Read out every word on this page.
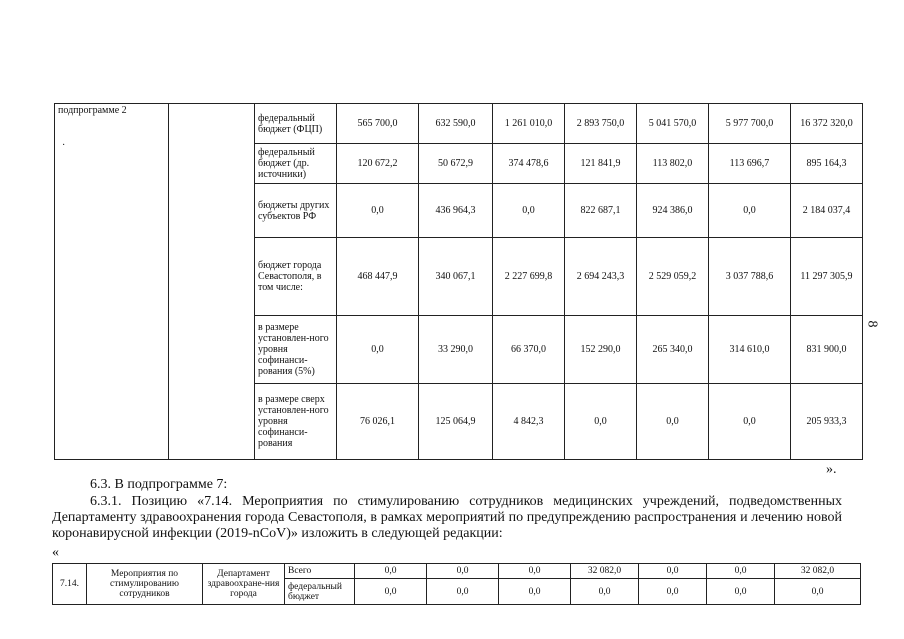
·
подпрограмме 2		федеральный бюджет (ФЦП)	565 700,0	632 590,0	1 261 010,0	2 893 750,0	5 041 570,0	5 977 700,0	16 372 320,0
		федеральный бюджет (др. источники)	120 672,2	50 672,9	374 478,6	121 841,9	113 802,0	113 696,7	895 164,3
		бюджеты других субъектов РФ	0,0	436 964,3	0,0	822 687,1	924 386,0	0,0	2 184 037,4
		бюджет города Севастополя, в том числе:	468 447,9	340 067,1	2 227 699,8	2 694 243,3	2 529 059,2	3 037 788,6	11 297 305,9
		в размере установлен-ного уровня софинанси-рования (5%)	0,0	33 290,0	66 370,0	152 290,0	265 340,0	314 610,0	831 900,0
		в размере сверх установлен-ного уровня софинанси-рования	76 026,1	125 064,9	4 842,3	0,0	0,0	0,0	205 933,3
8
».

6.3. В подпрограмме 7:

6.3.1. Позицию «7.14. Мероприятия по стимулированию сотрудников медицинских учреждений, подведомственных Департаменту здравоохранения города Севастополя, в рамках мероприятий по предупреждению распространения и лечению новой коронавирусной инфекции (2019-nCoV)» изложить в следующей редакции:

«

7.14.	Мероприятия по стимулированию сотрудников	Департамент здравоохране-ния города	Всего	0,0	0,0	0,0	32 082,0	0,0	0,0	32 082,0
			федеральный бюджет	0,0	0,0	0,0	0,0	0,0	0,0	0,0
